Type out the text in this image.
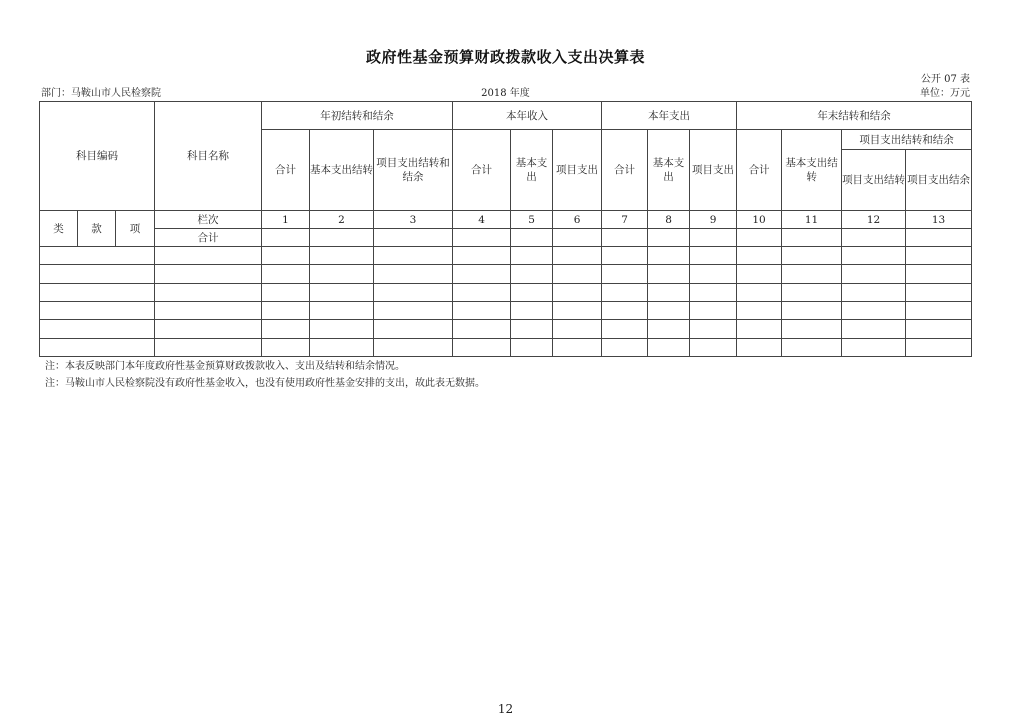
政府性基金预算财政拨款收入支出决算表
公开 07 表
部门：马鞍山市人民检察院	2018 年度	单位：万元
科目编码			科目名称	年初结转和结余			本年收入			本年支出			年末结转和结余			
				合计	基本支出结转	项目支出结转和结余	合计	基本支出	项目支出	合计	基本支出	项目支出	合计	基本支出结转	项目支出结转和结余	
															项目支出结转	项目支出结余
类	款	项	栏次	1	2	3	4	5	6	7	8	9	10	11	12	13
			合计													

注：本表反映部门本年度政府性基金预算财政拨款收入、支出及结转和结余情况。
注：马鞍山市人民检察院没有政府性基金收入，也没有使用政府性基金安排的支出，故此表无数据。
12
